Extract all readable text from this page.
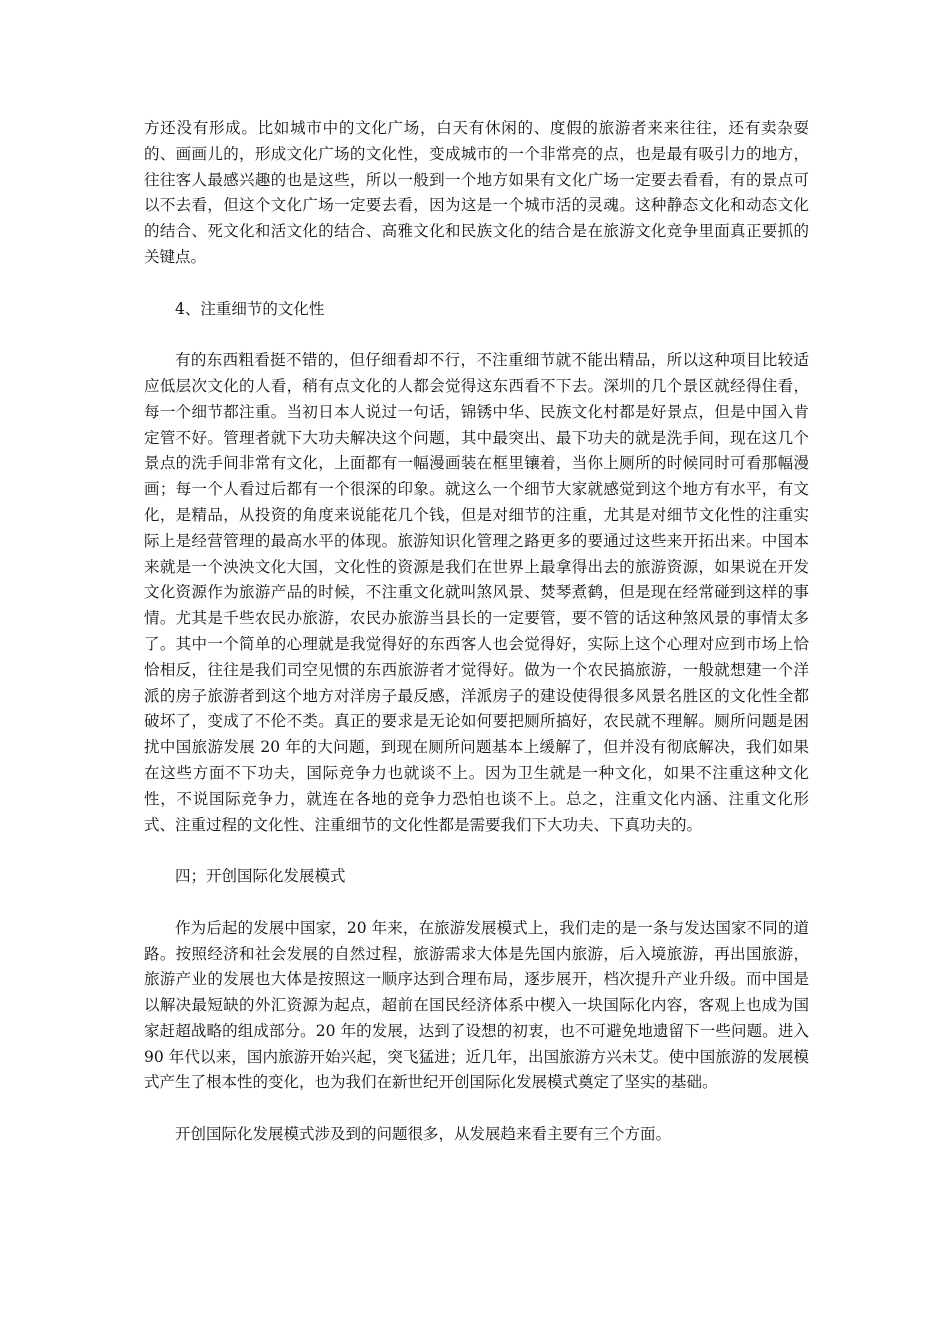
方还没有形成。比如城市中的文化广场，白天有休闲的、度假的旅游者来来往往，还有卖杂耍的、画画儿的，形成文化广场的文化性，变成城市的一个非常亮的点，也是最有吸引力的地方，往往客人最感兴趣的也是这些，所以一般到一个地方如果有文化广场一定要去看看，有的景点可以不去看，但这个文化广场一定要去看，因为这是一个城市活的灵魂。这种静态文化和动态文化的结合、死文化和活文化的结合、高雅文化和民族文化的结合是在旅游文化竞争里面真正要抓的关键点。

4、注重细节的文化性

有的东西粗看挺不错的，但仔细看却不行，不注重细节就不能出精品，所以这种项目比较适应低层次文化的人看，稍有点文化的人都会觉得这东西看不下去。深圳的几个景区就经得住看，每一个细节都注重。当初日本人说过一句话，锦锈中华、民族文化村都是好景点，但是中国入肯定管不好。管理者就下大功夫解决这个问题，其中最突出、最下功夫的就是洗手间，现在这几个景点的洗手间非常有文化，上面都有一幅漫画装在框里镶着，当你上厕所的时候同时可看那幅漫画；每一个人看过后都有一个很深的印象。就这么一个细节大家就感觉到这个地方有水平，有文化，是精品，从投资的角度来说能花几个钱，但是对细节的注重，尤其是对细节文化性的注重实际上是经营管理的最高水平的体现。旅游知识化管理之路更多的要通过这些来开拓出来。中国本来就是一个泱泱文化大国，文化性的资源是我们在世界上最拿得出去的旅游资源，如果说在开发文化资源作为旅游产品的时候，不注重文化就叫煞风景、焚琴煮鹤，但是现在经常碰到这样的事情。尤其是千些农民办旅游，农民办旅游当县长的一定要管，要不管的话这种煞风景的事情太多了。其中一个简单的心理就是我觉得好的东西客人也会觉得好，实际上这个心理对应到市场上恰恰相反，往往是我们司空见惯的东西旅游者才觉得好。做为一个农民搞旅游，一般就想建一个洋派的房子旅游者到这个地方对洋房子最反感，洋派房子的建设使得很多风景名胜区的文化性全都破坏了，变成了不伦不类。真正的要求是无论如何要把厕所搞好，农民就不理解。厕所问题是困扰中国旅游发展 20 年的大问题，到现在厕所问题基本上缓解了，但并没有彻底解决，我们如果在这些方面不下功夫，国际竞争力也就谈不上。因为卫生就是一种文化，如果不注重这种文化性，不说国际竞争力，就连在各地的竞争力恐怕也谈不上。总之，注重文化内涵、注重文化形式、注重过程的文化性、注重细节的文化性都是需要我们下大功夫、下真功夫的。

四；开创国际化发展模式

作为后起的发展中国家，20 年来，在旅游发展模式上，我们走的是一条与发达国家不同的道路。按照经济和社会发展的自然过程，旅游需求大体是先国内旅游，后入境旅游，再出国旅游，旅游产业的发展也大体是按照这一顺序达到合理布局，逐步展开，档次提升产业升级。而中国是以解决最短缺的外汇资源为起点，超前在国民经济体系中楔入一块国际化内容，客观上也成为国家赶超战略的组成部分。20 年的发展，达到了设想的初衷，也不可避免地遗留下一些问题。进入 90 年代以来，国内旅游开始兴起，突飞猛进；近几年，出国旅游方兴未艾。使中国旅游的发展模式产生了根本性的变化，也为我们在新世纪开创国际化发展模式奠定了坚实的基础。

开创国际化发展模式涉及到的问题很多，从发展趋来看主要有三个方面。
